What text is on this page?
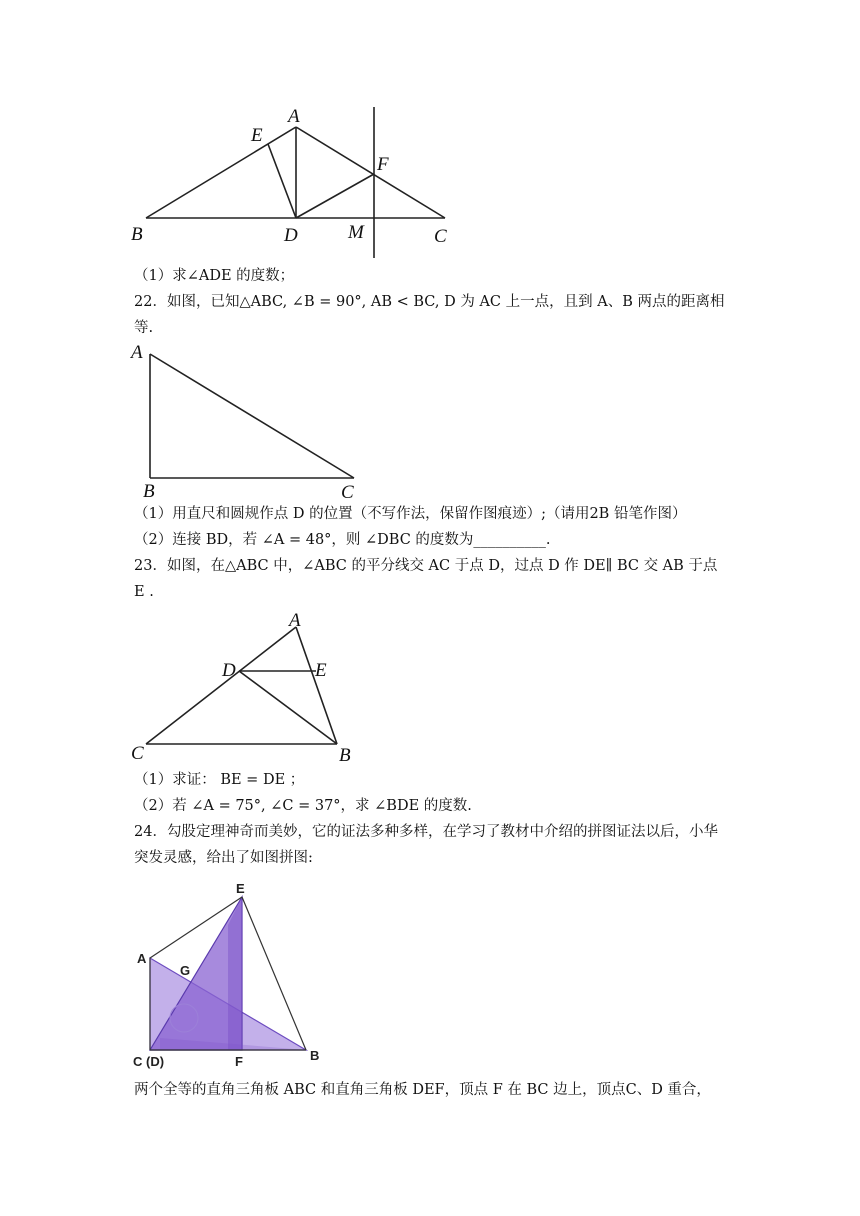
A
E
F
B	D	M	C
（1）求∠ADE 的度数；
22．如图，已知△ABC, ∠B = 90°, AB < BC, D 为 AC 上一点，且到 A、B 两点的距离相
等.
A
B	C
（1）用直尺和圆规作点 D 的位置（不写作法，保留作图痕迹）;（请用2B 铅笔作图）
（2）连接 BD，若 ∠A = 48°，则 ∠DBC 的度数为__________.
23．如图，在△ABC 中，∠ABC 的平分线交 AC 于点 D，过点 D 作 DE∥ BC 交 AB 于点
E .
A
D	E
C	B
（1）求证： BE = DE ；
（2）若 ∠A = 75°, ∠C = 37°，求 ∠BDE 的度数.
24．勾股定理神奇而美妙，它的证法多种多样，在学习了教材中介绍的拼图证法以后，小华
突发灵感，给出了如图拼图:
E
A
G
C (D)	F	B
两个全等的直角三角板 ABC 和直角三角板 DEF，顶点 F 在 BC 边上，顶点C、D 重合，
